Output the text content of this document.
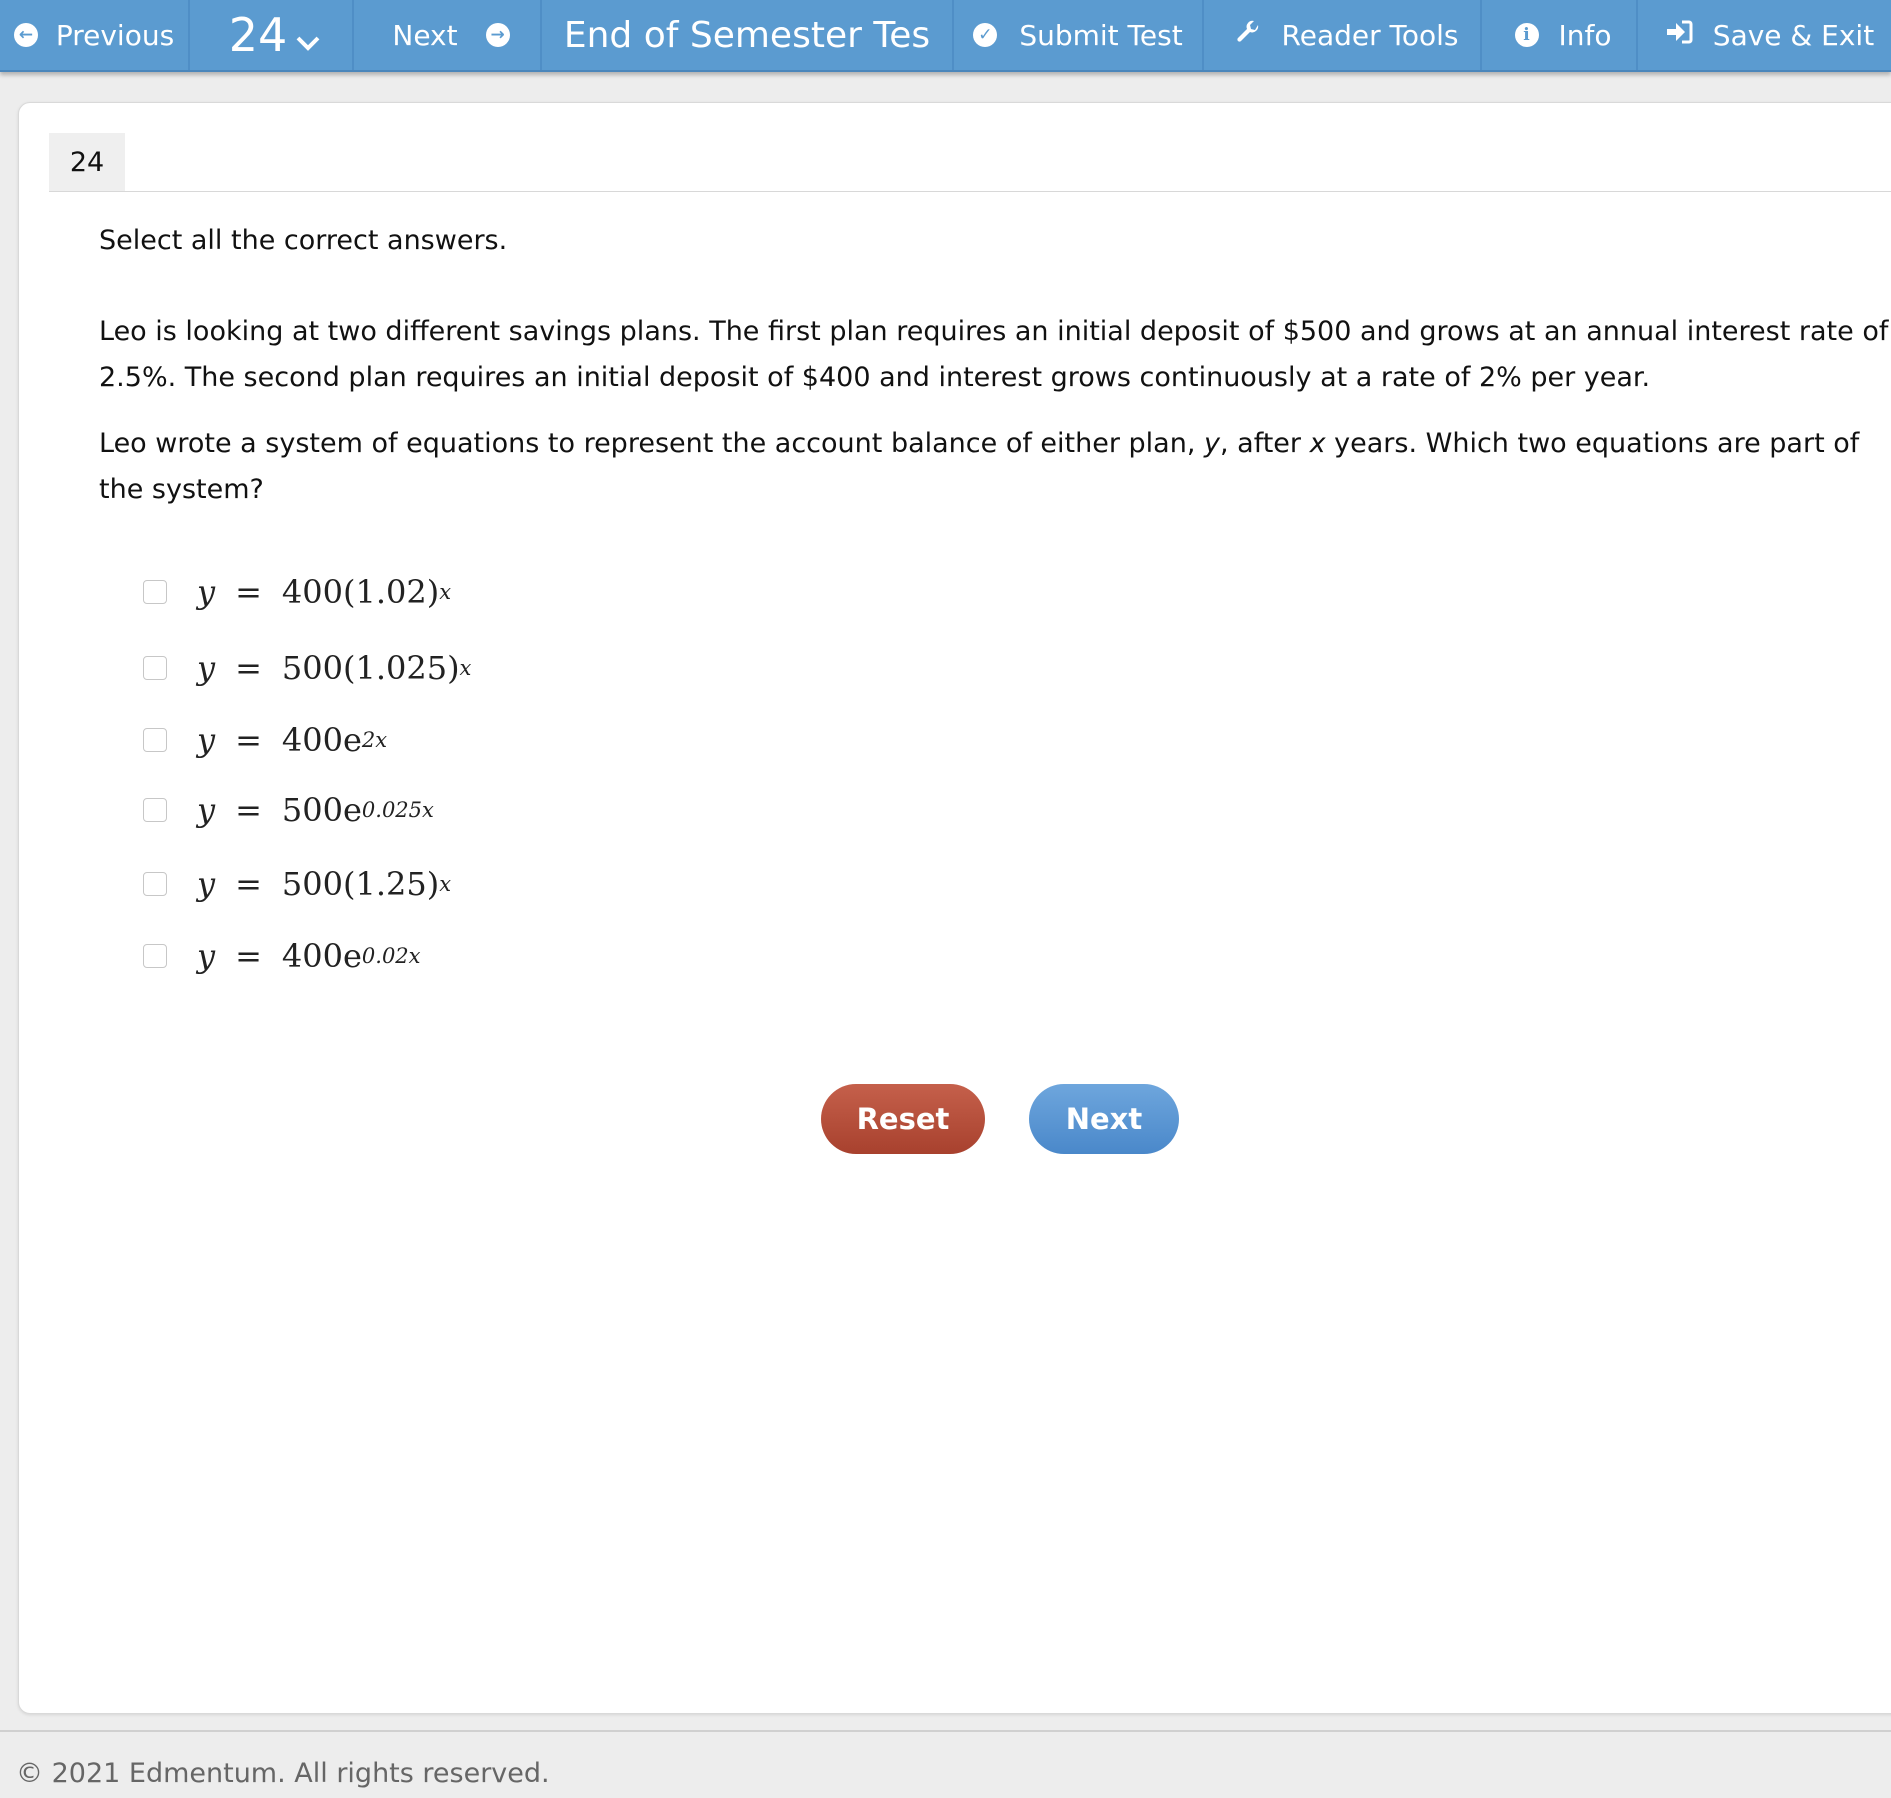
← Previous 24	Next → End of Semester Tes	✓ Submit Test	Reader Tools	i	Info	Save & Exit
24
Select all the correct answers.
Leo is looking at two different savings plans. The first plan requires an initial deposit of $500 and grows at an annual interest rate of 2.5%. The second plan requires an initial deposit of $400 and interest grows continuously at a rate of 2% per year.
Leo wrote a system of equations to represent the account balance of either plan, y, after x years. Which two equations are part of the system?
y = 400(1.02) $^x$
y = 500(1.025) $^x$
y = 400e $^{2x}$
y = 500e $^{0.025x}$
y = 500(1.25) $^x$
y = 400e $^{0.02x}$
Reset	Next
© 2021 Edmentum. All rights reserved.
